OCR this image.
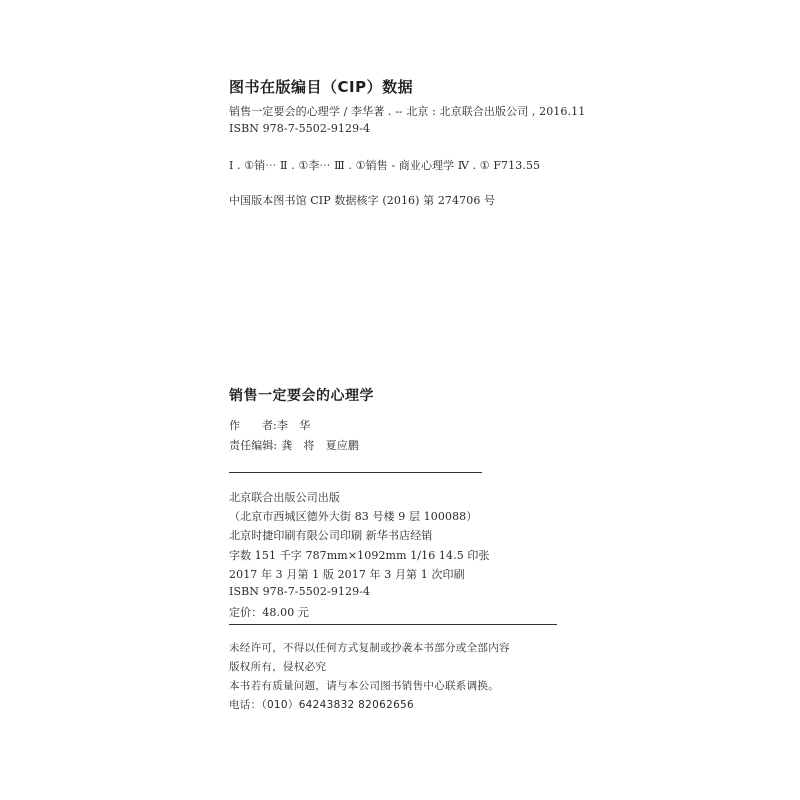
图书在版编目（CIP）数据
销售一定要会的心理学 / 李华著 . -- 北京 : 北京联合出版公司 , 2016.11
ISBN 978-7-5502-9129-4
Ⅰ . ①销⋯ Ⅱ . ①李⋯ Ⅲ . ①销售 - 商业心理学 Ⅳ . ① F713.55
中国版本图书馆 CIP 数据核字 (2016) 第 274706 号
销售一定要会的心理学
作　　者:李　华
责任编辑: 龚　将　夏应鹏
北京联合出版公司出版
（北京市西城区德外大街 83 号楼 9 层 100088）
北京时捷印刷有限公司印刷 新华书店经销
字数 151 千字 787mm×1092mm 1/16 14.5 印张
2017 年 3 月第 1 版 2017 年 3 月第 1 次印刷
ISBN 978-7-5502-9129-4
定价：48.00 元
未经许可，不得以任何方式复制或抄袭本书部分或全部内容
版权所有，侵权必究
本书若有质量问题，请与本公司图书销售中心联系调换。
电话：（010）64243832 82062656
